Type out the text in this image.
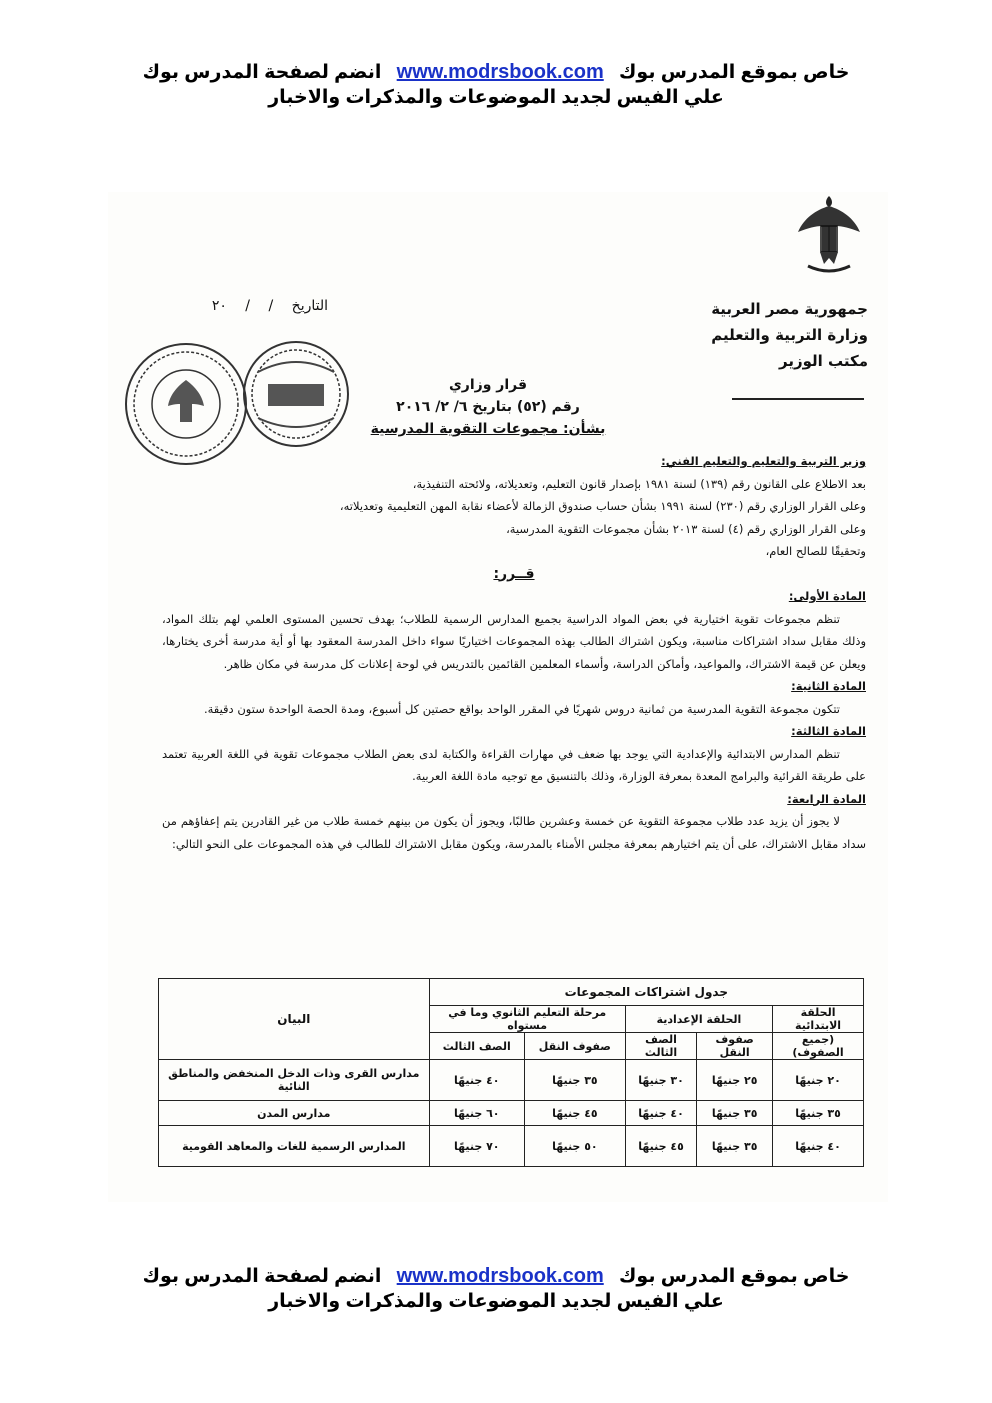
خاص بموقع المدرس بوك www.modrsbook.com انضم لصفحة المدرس بوك
علي الفيس لجديد الموضوعات والمذكرات والاخبار
جمهورية مصر العربية
وزارة التربية والتعليم
مكتب الوزير
التاريخ / / ٢٠
قرار وزاري
رقم (٥٢) بتاريخ ٦/ ٢/ ٢٠١٦
بشأن: مجموعات التقوية المدرسية

وزير التربية والتعليم والتعليم الفني:

بعد الاطلاع على القانون رقم (١٣٩) لسنة ١٩٨١ بإصدار قانون التعليم، وتعديلاته، ولائحته التنفيذية،

وعلى القرار الوزاري رقم (٢٣٠) لسنة ١٩٩١ بشأن حساب صندوق الزمالة لأعضاء نقابة المهن التعليمية وتعديلاته،

وعلى القرار الوزاري رقم (٤) لسنة ٢٠١٣ بشأن مجموعات التقوية المدرسية،

وتحقيقًا للصالح العام،

قــرر:

المادة الأولى:

تنظم مجموعات تقوية اختيارية في بعض المواد الدراسية بجميع المدارس الرسمية للطلاب؛ بهدف تحسين المستوى العلمي لهم بتلك المواد، وذلك مقابل سداد اشتراكات مناسبة، ويكون اشتراك الطالب بهذه المجموعات اختياريًا سواء داخل المدرسة المعقود بها أو أية مدرسة أخرى يختارها، ويعلن عن قيمة الاشتراك، والمواعيد، وأماكن الدراسة، وأسماء المعلمين القائمين بالتدريس في لوحة إعلانات كل مدرسة في مكان ظاهر.

المادة الثانية:

تتكون مجموعة التقوية المدرسية من ثمانية دروس شهريًا في المقرر الواحد بواقع حصتين كل أسبوع، ومدة الحصة الواحدة ستون دقيقة.

المادة الثالثة:

تنظم المدارس الابتدائية والإعدادية التي يوجد بها ضعف في مهارات القراءة والكتابة لدى بعض الطلاب مجموعات تقوية في اللغة العربية تعتمد على طريقة القرائية والبرامج المعدة بمعرفة الوزارة، وذلك بالتنسيق مع توجيه مادة اللغة العربية.

المادة الرابعة:

لا يجوز أن يزيد عدد طلاب مجموعة التقوية عن خمسة وعشرين طالبًا، ويجوز أن يكون من بينهم خمسة طلاب من غير القادرين يتم إعفاؤهم من سداد مقابل الاشتراك، على أن يتم اختيارهم بمعرفة مجلس الأمناء بالمدرسة، ويكون مقابل الاشتراك للطالب في هذه المجموعات على النحو التالي:

جدول اشتراكات المجموعات					البيان
الحلقة الابتدائية	الحلقة الإعدادية		مرحلة التعليم الثانوي وما في مستواه		
(جميع الصفوف)	صفوف النقل	الصف الثالث	صفوف النقل	الصف الثالث	
٢٠ جنيهًا	٢٥ جنيهًا	٣٠ جنيهًا	٣٥ جنيهًا	٤٠ جنيهًا	مدارس القرى وذات الدخل المنخفض والمناطق النائية
٣٥ جنيهًا	٣٥ جنيهًا	٤٠ جنيهًا	٤٥ جنيهًا	٦٠ جنيهًا	مدارس المدن
٤٠ جنيهًا	٣٥ جنيهًا	٤٥ جنيهًا	٥٠ جنيهًا	٧٠ جنيهًا	المدارس الرسمية للغات والمعاهد القومية
خاص بموقع المدرس بوك www.modrsbook.com انضم لصفحة المدرس بوك
علي الفيس لجديد الموضوعات والمذكرات والاخبار
